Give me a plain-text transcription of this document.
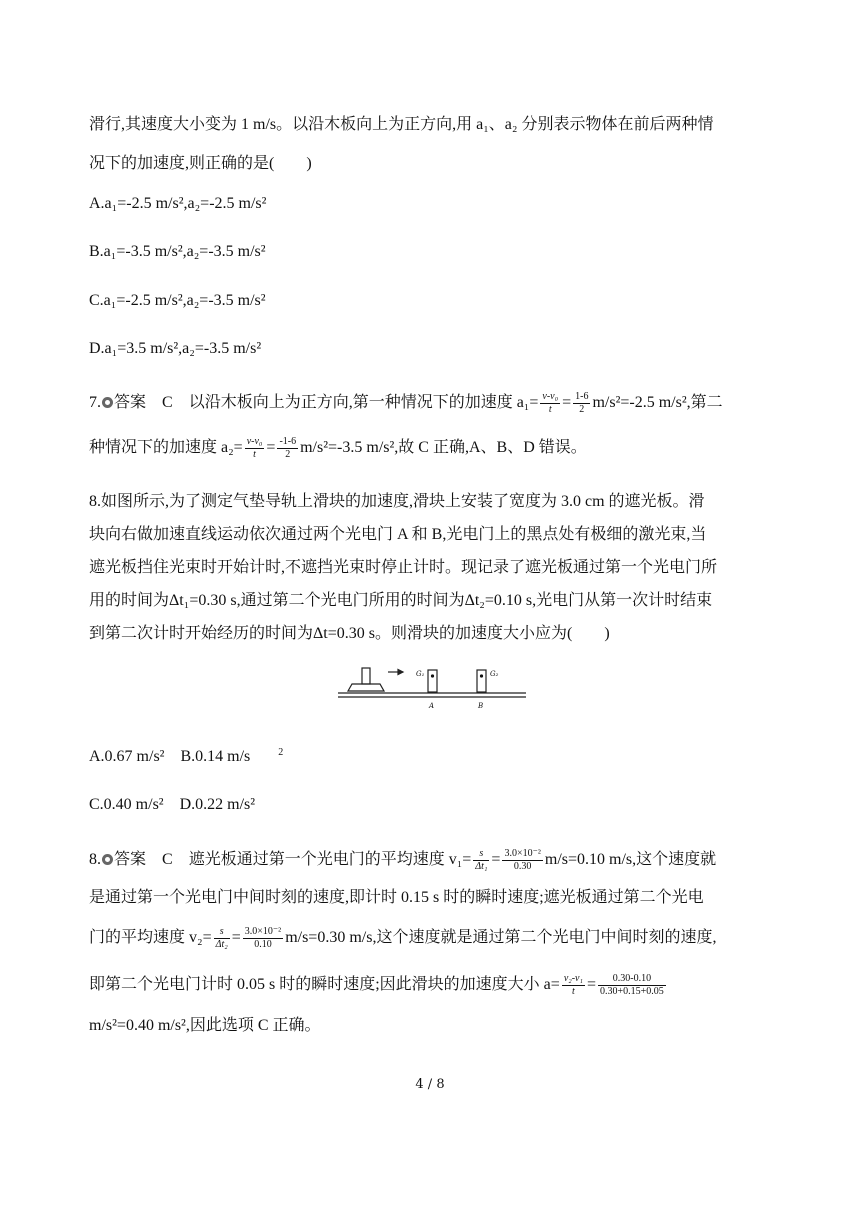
滑行,其速度大小变为 1 m/s。以沿木板向上为正方向,用 a₁、a₂ 分别表示物体在前后两种情
况下的加速度,则正确的是(　　)
A.a₁=-2.5 m/s²,a₂=-2.5 m/s²
B.a₁=-3.5 m/s²,a₂=-3.5 m/s²
C.a₁=-2.5 m/s²,a₂=-3.5 m/s²
D.a₁=3.5 m/s²,a₂=-3.5 m/s²
7. 答案 C 以沿木板向上为正方向,第一种情况下的加速度 $a_1= \frac{\text{v-v₀}}{t} = \frac{1-6}{2} m/s^2=-2.5$ m/s²,第二
种情况下的加速度 $a_2= \frac{\text{v-v₀}}{t} = \frac{-1-6}{2} m/s^2=-3.5$ m/s²,故 C 正确,A、B、D 错误。
8.如图所示,为了测定气垫导轨上滑块的加速度,滑块上安装了宽度为 3.0 cm 的遮光板。滑
块向右做加速直线运动依次通过两个光电门 A 和 B,光电门上的黑点处有极细的激光束,当
遮光板挡住光束时开始计时,不遮挡光束时停止计时。现记录了遮光板通过第一个光电门所
用的时间为Δt₁=0.30 s,通过第二个光电门所用的时间为Δt₂=0.10 s,光电门从第一次计时结束
到第二次计时开始经历的时间为Δt=0.30 s。则滑块的加速度大小应为(　　)
G₁	G₂
A	B
A.0.67 m/s² B.0.14 m/s	$^2$
C.0.40 m/s² D.0.22 m/s²
8. 答案 C 遮光板通过第一个光电门的平均速度 $v_1= \frac{s}{\text{Δt₁}} = \frac{\text{3.0×10⁻²}}{0.30} m/s=0.10$ m/s,这个速度就
是通过第一个光电门中间时刻的速度,即计时 0.15 s 时的瞬时速度;遮光板通过第二个光电
门的平均速度 $v_2= \frac{s}{\text{Δt₂}} = \frac{\text{3.0×10⁻²}}{0.10} m/s=0.30$ m/s,这个速度就是通过第二个光电门中间时刻的速度,
即第二个光电门计时 0.05 s 时的瞬时速度;因此滑块的加速度大小 $a= \frac{\text{v₂-v₁}}{t} = \frac{0.30-0.10}{0.30+0.15+0.05}$
m/s²=0.40 m/s²,因此选项 C 正确。
4 / 8
